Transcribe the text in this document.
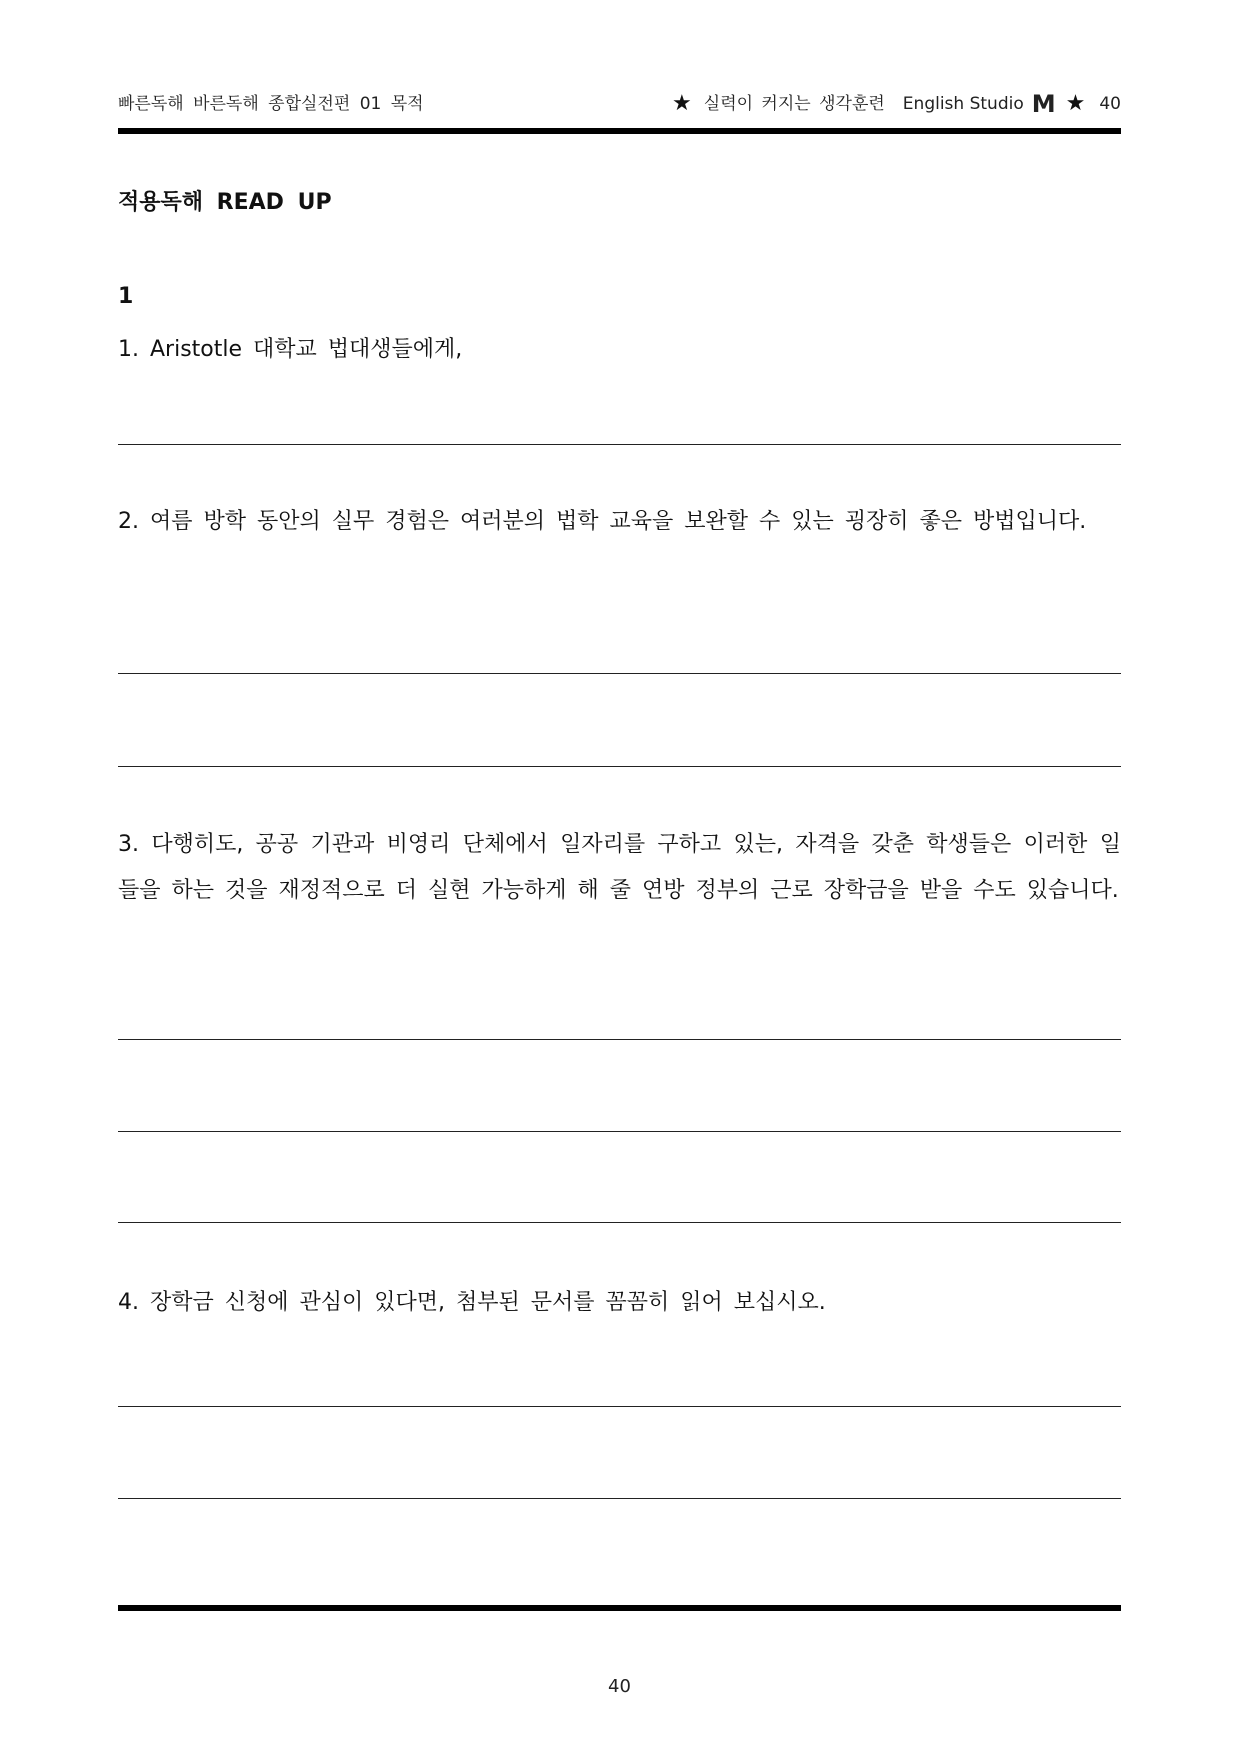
빠른독해 바른독해 종합실전편 01 목적	★ 실력이 커지는 생각훈련 English Studio M ★ 40
적용독해 READ UP
1
1. Aristotle 대학교 법대생들에게,
2. 여름 방학 동안의 실무 경험은 여러분의 법학 교육을 보완할 수 있는 굉장히 좋은 방법입니다.
3. 다행히도, 공공 기관과 비영리 단체에서 일자리를 구하고 있는, 자격을 갖춘 학생들은 이러한 일들을 하는 것을 재정적으로 더 실현 가능하게 해 줄 연방 정부의 근로 장학금을 받을 수도 있습니다.
4. 장학금 신청에 관심이 있다면, 첨부된 문서를 꼼꼼히 읽어 보십시오.
40
